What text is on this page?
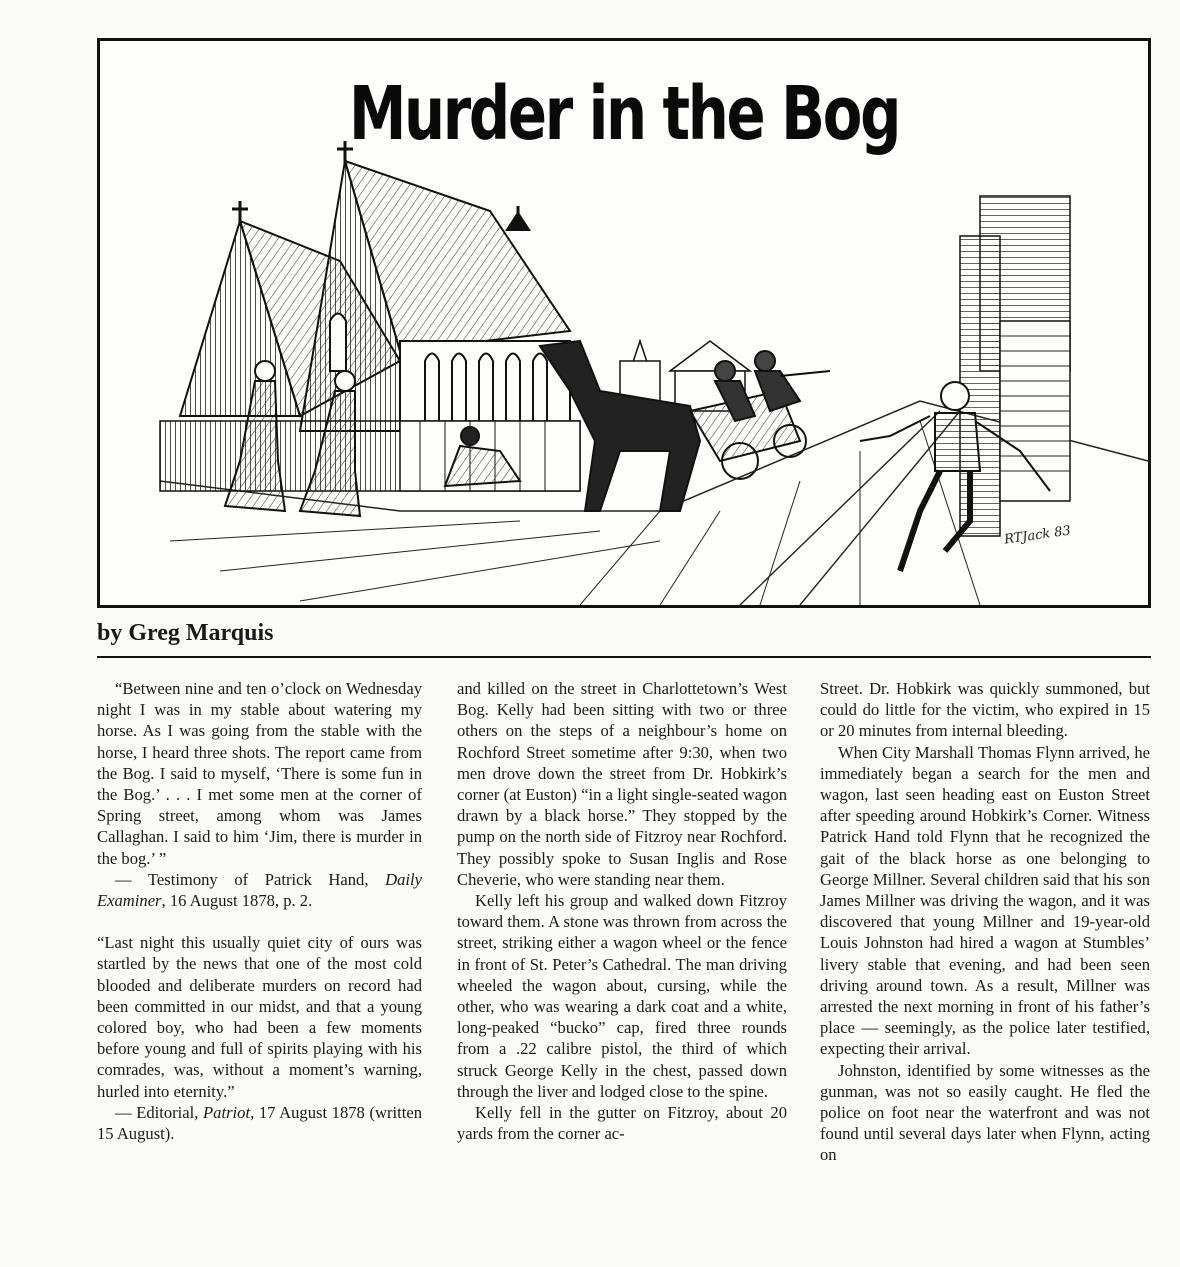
Murder in the Bog
RTJack 83
by Greg Marquis

“Between nine and ten o’clock on Wednesday night I was in my stable about watering my horse. As I was going from the stable with the horse, I heard three shots. The report came from the Bog. I said to myself, ‘There is some fun in the Bog.’ . . . I met some men at the corner of Spring street, among whom was James Callaghan. I said to him ‘Jim, there is murder in the bog.’ ”

— Testimony of Patrick Hand, Daily Examiner, 16 August 1878, p. 2.

“Last night this usually quiet city of ours was startled by the news that one of the most cold blooded and deliberate murders on record had been committed in our midst, and that a young colored boy, who had been a few moments before young and full of spirits playing with his comrades, was, without a moment’s warning, hurled into eternity.”

— Editorial, Patriot, 17 August 1878 (written 15 August).

and killed on the street in Charlottetown’s West Bog. Kelly had been sitting with two or three others on the steps of a neighbour’s home on Rochford Street sometime after 9:30, when two men drove down the street from Dr. Hobkirk’s corner (at Euston) “in a light single-seated wagon drawn by a black horse.” They stopped by the pump on the north side of Fitzroy near Rochford. They possibly spoke to Susan Inglis and Rose Cheverie, who were standing near them.

Kelly left his group and walked down Fitzroy toward them. A stone was thrown from across the street, striking either a wagon wheel or the fence in front of St. Peter’s Cathedral. The man driving wheeled the wagon about, cursing, while the other, who was wearing a dark coat and a white, long-peaked “bucko” cap, fired three rounds from a .22 calibre pistol, the third of which struck George Kelly in the chest, passed down through the liver and lodged close to the spine.

Kelly fell in the gutter on Fitzroy, about 20 yards from the corner ac-

Street. Dr. Hobkirk was quickly summoned, but could do little for the victim, who expired in 15 or 20 minutes from internal bleeding.

When City Marshall Thomas Flynn arrived, he immediately began a search for the men and wagon, last seen heading east on Euston Street after speeding around Hobkirk’s Corner. Witness Patrick Hand told Flynn that he recognized the gait of the black horse as one belonging to George Millner. Several children said that his son James Millner was driving the wagon, and it was discovered that young Millner and 19-year-old Louis Johnston had hired a wagon at Stumbles’ livery stable that evening, and had been seen driving around town. As a result, Millner was arrested the next morning in front of his father’s place — seemingly, as the police later testified, expecting their arrival.

Johnston, identified by some witnesses as the gunman, was not so easily caught. He fled the police on foot near the waterfront and was not found until several days later when Flynn, acting on
